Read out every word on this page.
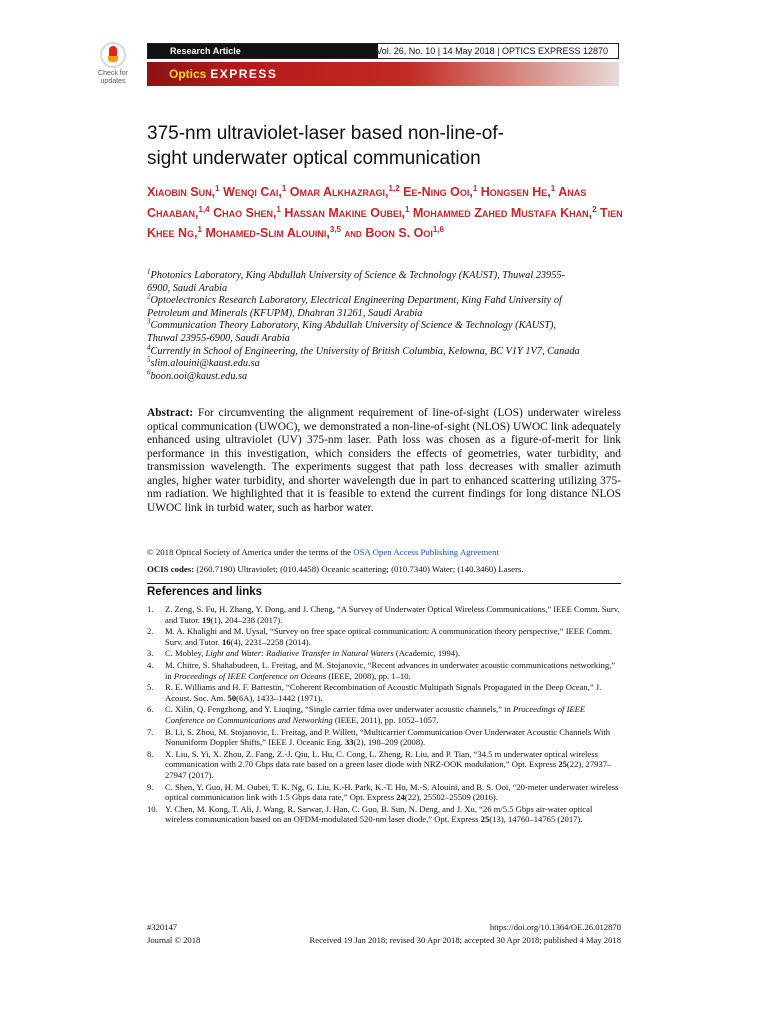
Check for
updates
Research Article	Vol. 26, No. 10 | 14 May 2018 | OPTICS EXPRESS 12870
Optics EXPRESS
375-nm ultraviolet-laser based non-line-of-
sight underwater optical communication
Xiaobin Sun,$^1$ Wenqi Cai,$^1$ Omar Alkhazragi,$^{1,2}$ Ee-Ning Ooi,$^1$ Hongsen He,$^1$ Anas Chaaban,$^{1,4}$ Chao Shen,$^1$ Hassan Makine Oubei,$^1$ Mohammed Zahed Mustafa Khan,$^2$ Tien Khee Ng,$^1$ Mohamed-Slim Alouini,$^{3,5}$ and Boon S. Ooi$^{1,6}$
$^1$Photonics Laboratory, King Abdullah University of Science & Technology (KAUST), Thuwal 23955-
6900, Saudi Arabia
$^2$Optoelectronics Research Laboratory, Electrical Engineering Department, King Fahd University of
Petroleum and Minerals (KFUPM), Dhahran 31261, Saudi Arabia
$^3$Communication Theory Laboratory, King Abdullah University of Science & Technology (KAUST),
Thuwal 23955-6900, Saudi Arabia
$^4$Currently in School of Engineering, the University of British Columbia, Kelowna, BC V1Y 1V7, Canada
$^5$slim.alouini@kaust.edu.sa
$^6$boon.ooi@kaust.edu.sa
Abstract: For circumventing the alignment requirement of line-of-sight (LOS) underwater wireless optical communication (UWOC), we demonstrated a non-line-of-sight (NLOS) UWOC link adequately enhanced using ultraviolet (UV) 375-nm laser. Path loss was chosen as a figure-of-merit for link performance in this investigation, which considers the effects of geometries, water turbidity, and transmission wavelength. The experiments suggest that path loss decreases with smaller azimuth angles, higher water turbidity, and shorter wavelength due in part to enhanced scattering utilizing 375-nm radiation. We highlighted that it is feasible to extend the current findings for long distance NLOS UWOC link in turbid water, such as harbor water.
© 2018 Optical Society of America under the terms of the OSA Open Access Publishing Agreement
OCIS codes: (260.7190) Ultraviolet; (010.4458) Oceanic scattering; (010.7340) Water; (140.3460) Lasers.
References and links
1. Z. Zeng, S. Fu, H. Zhang, Y. Dong, and J. Cheng, “A Survey of Underwater Optical Wireless Communications,” IEEE Comm. Surv. and Tutor. 19(1), 204–238 (2017).
2. M. A. Khalighi and M. Uysal, “Survey on free space optical communication: A communication theory perspective,” IEEE Comm. Surv. and Tutor. 16(4), 2231–2258 (2014).
3. C. Mobley, Light and Water: Radiative Transfer in Natural Waters (Academic, 1994).
4. M. Chitre, S. Shahabudeen, L. Freitag, and M. Stojanovic, “Recent advances in underwater acoustic communications networking,” in Proceedings of IEEE Conference on Oceans (IEEE, 2008), pp. 1–10.
5. R. E. Williams and H. F. Battestin, “Coherent Recombination of Acoustic Multipath Signals Propagated in the Deep Ocean,” J. Acoust. Soc. Am. 50(6A), 1433–1442 (1971).
6. C. Xilin, Q. Fengzhong, and Y. Liuqing, “Single carrier fdma over underwater acoustic channels,” in Proceedings of IEEE Conference on Communications and Networking (IEEE, 2011), pp. 1052–1057.
7. B. Li, S. Zhou, M. Stojanovic, L. Freitag, and P. Willett, “Multicarrier Communication Over Underwater Acoustic Channels With Nonuniform Doppler Shifts,” IEEE J. Oceanic Eng. 33(2), 198–209 (2008).
8. X. Liu, S. Yi, X. Zhou, Z. Fang, Z.-J. Qiu, L. Hu, C. Cong, L. Zheng, R. Liu, and P. Tian, “34.5 m underwater optical wireless communication with 2.70 Gbps data rate based on a green laser diode with NRZ-OOK modulation,” Opt. Express 25(22), 27937–27947 (2017).
9. C. Shen, Y. Guo, H. M. Oubei, T. K. Ng, G. Liu, K.-H. Park, K.-T. Ho, M.-S. Alouini, and B. S. Ooi, “20-meter underwater wireless optical communication link with 1.5 Gbps data rate,” Opt. Express 24(22), 25502–25509 (2016).
10. Y. Chen, M. Kong, T. Ali, J. Wang, R. Sarwar, J. Han, C. Guo, B. Sun, N. Deng, and J. Xu, “26 m/5.5 Gbps air-water optical wireless communication based on an OFDM-modulated 520-nm laser diode,” Opt. Express 25(13), 14760–14765 (2017).
#320147
Journal © 2018
https://doi.org/10.1364/OE.26.012870
Received 19 Jan 2018; revised 30 Apr 2018; accepted 30 Apr 2018; published 4 May 2018
